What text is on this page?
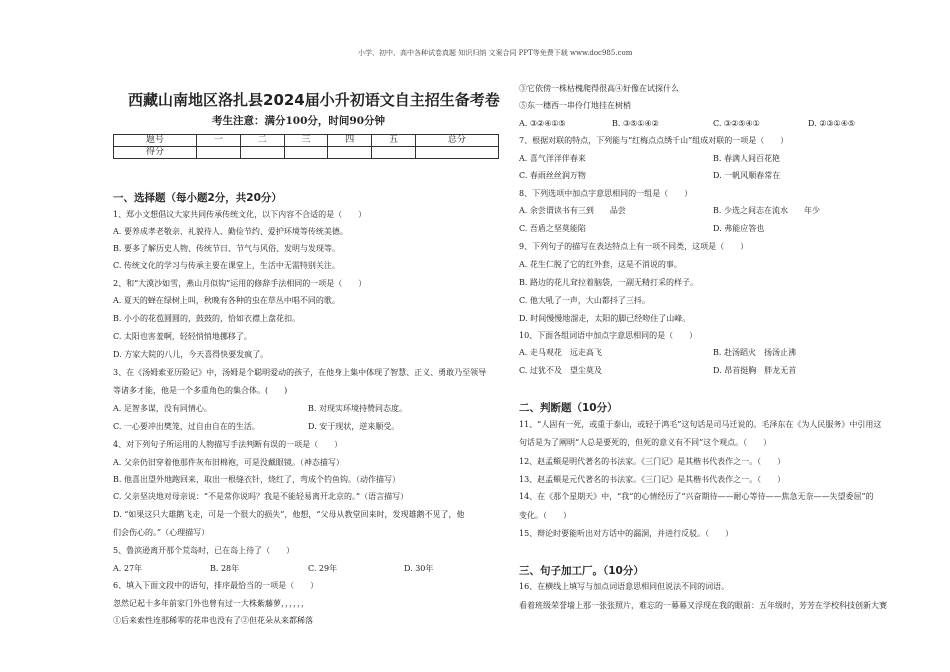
小学、初中、高中各种试卷真题 知识归纳 文案合同 PPT等免费下载 www.doc985.com
西藏山南地区洛扎县2024届小升初语文自主招生备考卷
考生注意：满分100分，时间90分钟
题号	一	二	三	四	五	总分
得分						
一、选择题（每小题2分，共20分）
1、郑小文想倡议大家共同传承传统文化，以下内容不合适的是（　　）
A. 要养成孝老敬亲、礼貌待人、勤俭节约、爱护环境等传统美德。
B. 要多了解历史人物、传统节日、节气与风俗、发明与发现等。
C. 传统文化的学习与传承主要在课堂上，生活中无需特别关注。
2、和“大漠沙如雪，燕山月似钩”运用的修辞手法相同的一项是（　　）
A. 夏天的蝉在绿树上叫，秋晚有各种的虫在草丛中唱不同的歌。
B. 小小的花苞圆圆的，鼓鼓的，恰如衣襟上盘花扣。
C. 太阳也害羞啊，轻轻悄悄地挪移了。
D. 方家大院的八儿，今天喜得快要发疯了。
3、在《汤姆索亚历险记》中，汤姆是个聪明爱动的孩子，在他身上集中体现了智慧、正义、勇敢乃至领导
等诸多才能，他是一个多重角色的集合体。(　　)
A. 足智多谋，没有同情心。	B. 对现实环境持赞同态度。
C. 一心要冲出樊笼，过自由自在的生活。	D. 安于现状，逆来顺受。
4、对下列句子所运用的人物描写手法判断有误的一项是（　　）
A. 父亲仍旧穿着他那件灰布旧棉袍，可是没戴眼镜。（神态描写）
B. 他喜出望外地跑回来，取出一根缝衣针，烧红了，弯成个钓鱼钩。（动作描写）
C. 父亲坚决地对母亲说：“不是常你说吗？我是不能轻易离开北京的。”（语言描写）
D. “如果这只大雄鹅飞走，可是一个很大的损失”，他想，“父母从教堂回来时，发现雄鹅不见了，他
们会伤心的。”（心理描写）
5、鲁滨逊离开那个荒岛时，已在岛上待了（　　）
A. 27年	B. 28年	C. 29年	D. 30年
6、填入下面文段中的语句，排序最恰当的一项是（　　）
忽然记起十多年前家门外也曾有过一大株紫藤萝，，，，，，
①后来索性连那稀零的花串也没有了②但花朵从来都稀落
③它依傍一株枯槐爬得很高④好像在试探什么
⑤东一穗西一串伶仃地挂在树梢
A. ③②④①⑤	B. ③⑤①④②	C. ③②⑤④①	D. ②③①④⑤
7、根据对联的特点，下列能与“红梅点点绣千山”组成对联的一项是（　　）
A. 喜气洋洋伴春来	B. 春满人间百花艳
C. 春雨丝丝润万物	D. 一帆风顺春常在
8、下列选项中加点字意思相同的一组是（　　）
A. 余尝谓读书有三到　　品尝	B. 少选之间志在流水　　年少
C. 吾盾之坚莫能陷	D. 弗能应答也
9、下列句子的描写在表达特点上有一项不同类，这项是（　　）
A. 花生仁脱了它的红外套，这是不消说的事。
B. 路边的花儿耷拉着脑袋，一副无精打采的样子。
C. 他大吼了一声，大山都抖了三抖。
D. 时间慢慢地溜走，太阳的脚已经吻住了山峰。
10、下面各组词语中加点字意思相同的是（　　）
A. 走马观花　远走高飞	B. 赴汤蹈火　扬汤止沸
C. 过犹不及　望尘莫及	D. 昂首挺胸　胖龙无首
二、判断题（10分）
11、“人固有一死，或重于泰山，或轻于鸿毛”这句话是司马迁说的。毛泽东在《为人民服务》中引用这
句话是为了阐明“人总是要死的，但死的意义有不同”这个观点。（　　）
12、赵孟頫是明代著名的书法家。《三门记》是其楷书代表作之一。（　　）
13、赵孟頫是元代著名的书法家。《三门记》是其楷书代表作之一。（　　）
14、在《那个星期天》中，“我”的心情经历了“兴奋期待——耐心等待——焦急无奈——失望委屈”的
变化。（　　）
15、辩论时要能听出对方话中的漏洞，并进行反驳。（　　）
三、句子加工厂。（10分）
16、在横线上填写与加点词语意思相同但说法不同的词语。
看着班级荣誉墙上那一张张照片，难忘的一幕幕又浮现在我的眼前：五年级时，芳芳在学校科技创新大赛
